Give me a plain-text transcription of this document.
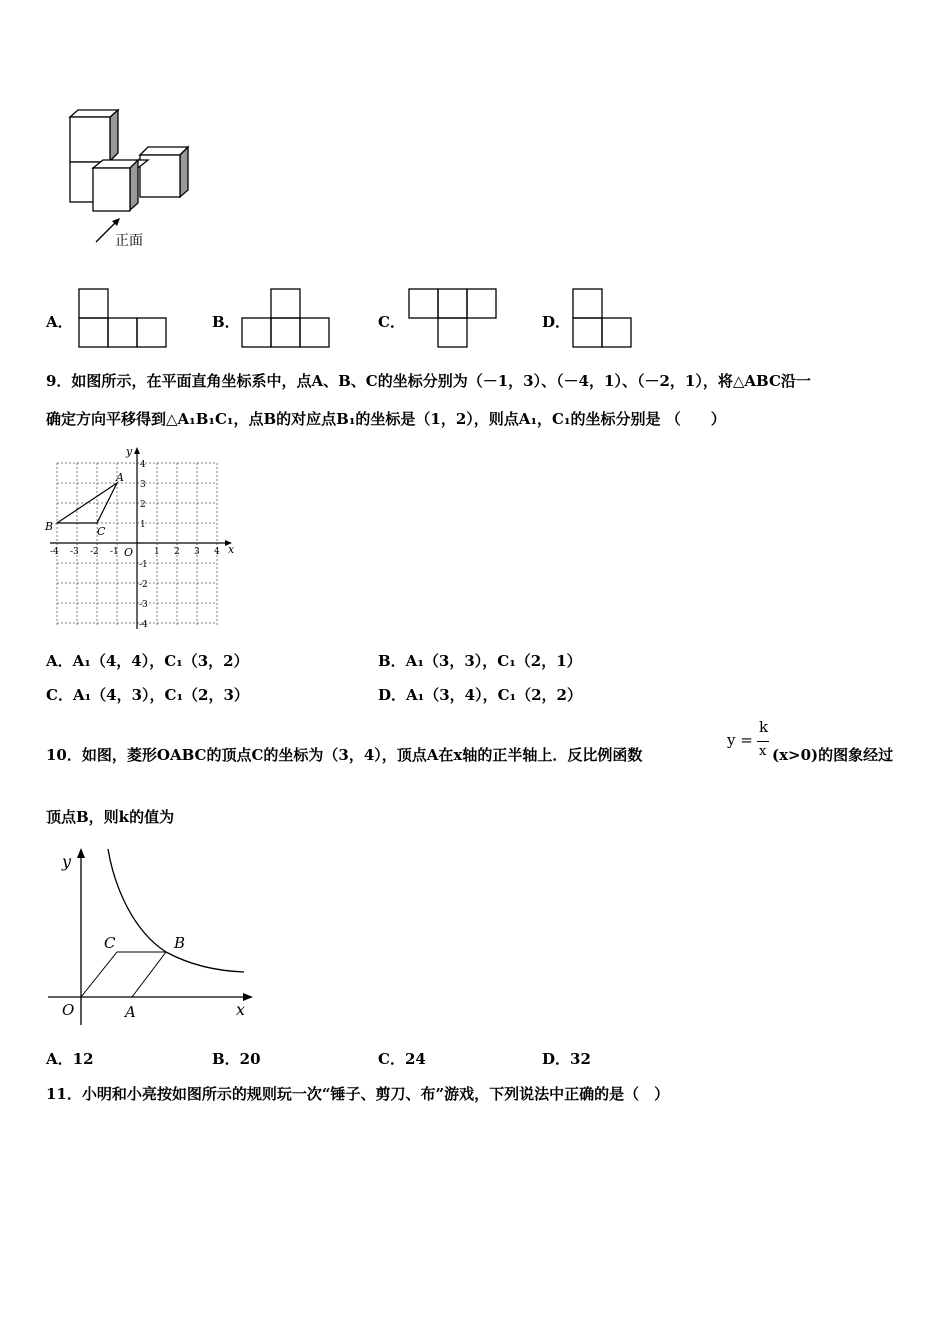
正面
A．	B．	C．	D．
9．如图所示，在平面直角坐标系中，点A、B、C的坐标分别为（－1，3）、（－4，1）、（－2，1），将△ABC沿一
确定方向平移得到△A₁B₁C₁，点B的对应点B₁的坐标是（1，2），则点A₁，C₁的坐标分别是 （　　）
x
y
-4 -3 -2 -1 O 1 2 3 4
4
3
2
1
-1
-2
-3
-4
A
B	C
A．A₁（4，4），C₁（3，2）	B．A₁（3，3），C₁（2，1）
C．A₁（4，3），C₁（2，3）	D．A₁（3，4），C₁（2，2）
10．如图，菱形OABC的顶点C的坐标为（3，4），顶点A在x轴的正半轴上．反比例函数
y =
k
x (x>0)的图象经过
顶点B，则k的值为
y
x
O	A
B
C
A．12	B．20	C．24	D．32
11．小明和小亮按如图所示的规则玩一次“锤子、剪刀、布”游戏，下列说法中正确的是（　）
